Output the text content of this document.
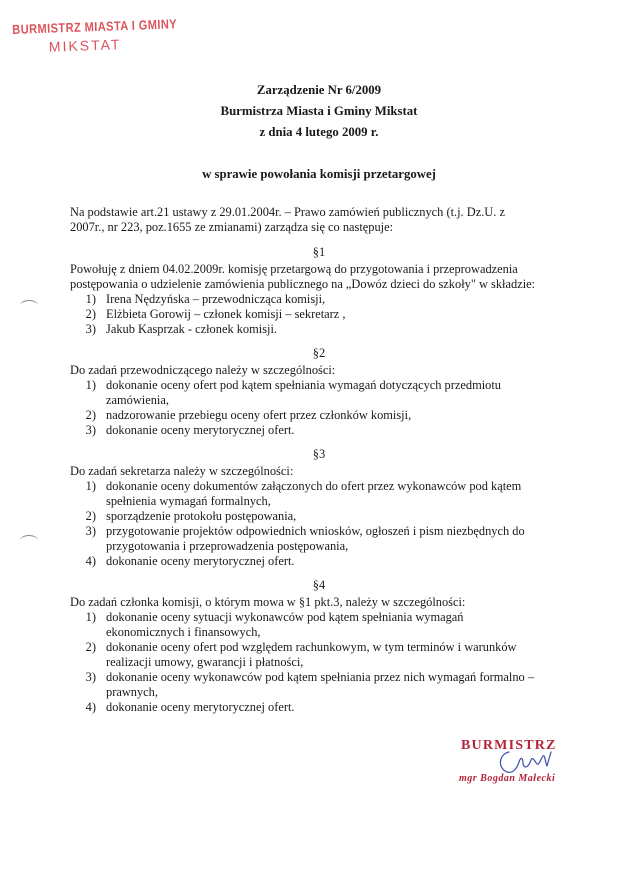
BURMISTRZ MIASTA I GMINY
MIKSTAT
Zarządzenie Nr 6/2009
Burmistrza Miasta i Gminy Mikstat
z dnia 4 lutego 2009 r.
w sprawie powołania komisji przetargowej
Na podstawie art.21 ustawy z 29.01.2004r. – Prawo zamówień publicznych (t.j. Dz.U. z
2007r., nr 223, poz.1655 ze zmianami) zarządza się co następuje:
§1
Powołuję z dniem 04.02.2009r. komisję przetargową do przygotowania i przeprowadzenia
postępowania o udzielenie zamówienia publicznego na „Dowóz dzieci do szkoły" w składzie:
1) Irena Nędzyńska – przewodnicząca komisji,
2) Elżbieta Gorowij – członek komisji – sekretarz ,
3) Jakub Kasprzak - członek komisji.
§2
Do zadań przewodniczącego należy w szczególności:
1) dokonanie oceny ofert pod kątem spełniania wymagań dotyczących przedmiotu
zamówienia,
2) nadzorowanie przebiegu oceny ofert przez członków komisji,
3) dokonanie oceny merytorycznej ofert.
§3
Do zadań sekretarza należy w szczególności:
1) dokonanie oceny dokumentów załączonych do ofert przez wykonawców pod kątem
spełnienia wymagań formalnych,
2) sporządzenie protokołu postępowania,
3) przygotowanie projektów odpowiednich wniosków, ogłoszeń i pism niezbędnych do
przygotowania i przeprowadzenia postępowania,
4) dokonanie oceny merytorycznej ofert.
§4
Do zadań członka komisji, o którym mowa w §1 pkt.3, należy w szczególności:
1) dokonanie oceny sytuacji wykonawców pod kątem spełniania wymagań
ekonomicznych i finansowych,
2) dokonanie oceny ofert pod względem rachunkowym, w tym terminów i warunków
realizacji umowy, gwarancji i płatności,
3) dokonanie oceny wykonawców pod kątem spełniania przez nich wymagań formalno –
prawnych,
4) dokonanie oceny merytorycznej ofert.
BURMISTRZ
mgr Bogdan Małecki
